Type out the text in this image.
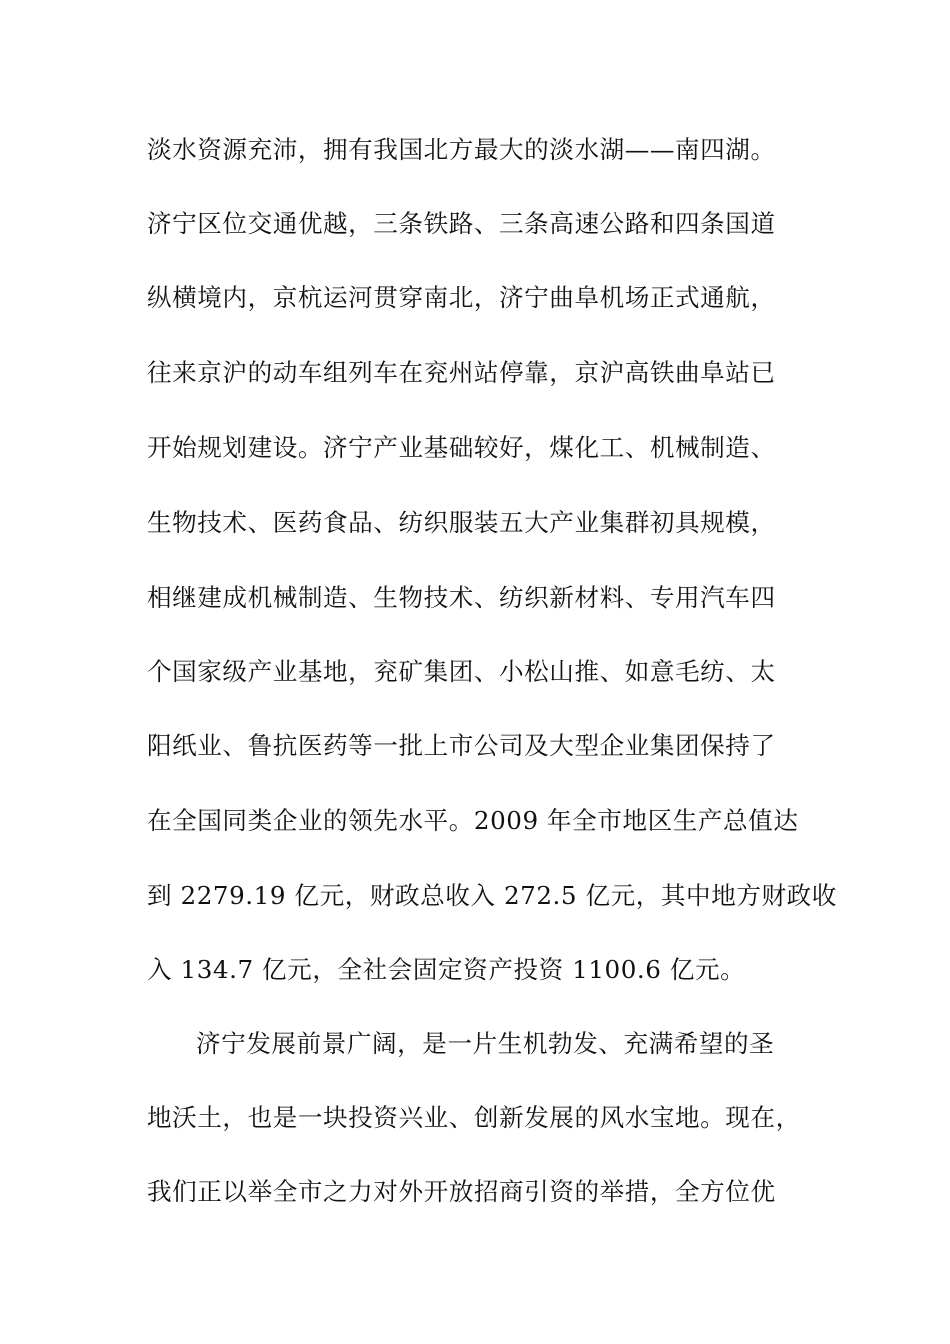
淡水资源充沛，拥有我国北方最大的淡水湖——南四湖。
济宁区位交通优越，三条铁路、三条高速公路和四条国道
纵横境内，京杭运河贯穿南北，济宁曲阜机场正式通航，
往来京沪的动车组列车在兖州站停靠，京沪高铁曲阜站已
开始规划建设。济宁产业基础较好，煤化工、机械制造、
生物技术、医药食品、纺织服装五大产业集群初具规模，
相继建成机械制造、生物技术、纺织新材料、专用汽车四
个国家级产业基地，兖矿集团、小松山推、如意毛纺、太
阳纸业、鲁抗医药等一批上市公司及大型企业集团保持了
在全国同类企业的领先水平。2009 年全市地区生产总值达
到 2279.19 亿元，财政总收入 272.5 亿元，其中地方财政收
入 134.7 亿元，全社会固定资产投资 1100.6 亿元。
济宁发展前景广阔，是一片生机勃发、充满希望的圣
地沃土，也是一块投资兴业、创新发展的风水宝地。现在，
我们正以举全市之力对外开放招商引资的举措，全方位优
